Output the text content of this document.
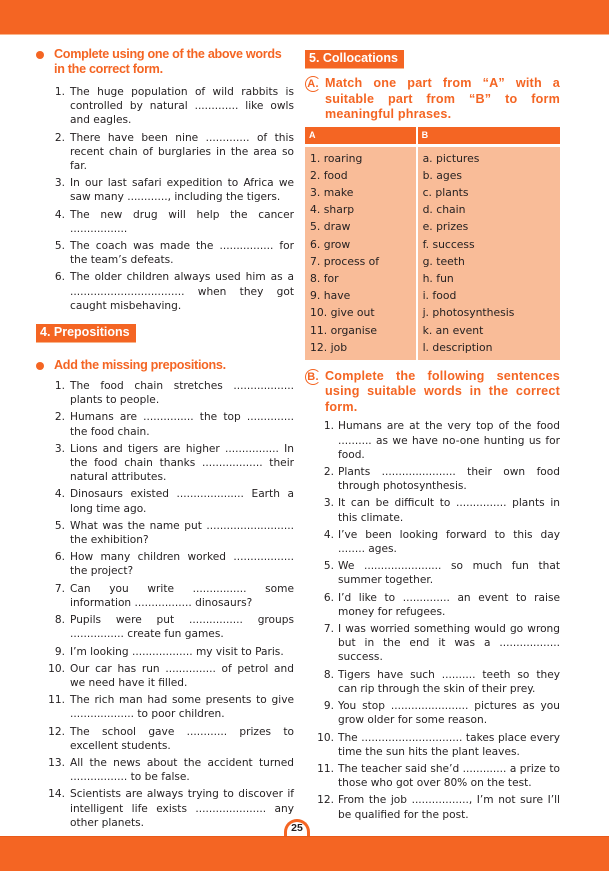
Complete using one of the above words in the correct form.
1. The huge population of wild rabbits is controlled by natural ............. like owls and eagles.
2. There have been nine ............. of this recent chain of burglaries in the area so far.
3. In our last safari expedition to Africa we saw many ............, including the tigers.
4. The new drug will help the cancer .................
5. The coach was made the ................ for the team’s defeats.
6. The older children always used him as a .................................. when they got caught misbehaving.
4. Prepositions
Add the missing prepositions.
1. The food chain stretches .................. plants to people.
2. Humans are ............... the top .............. the food chain.
3. Lions and tigers are higher ................ In the food chain thanks .................. their natural attributes.
4. Dinosaurs existed .................... Earth a long time ago.
5. What was the name put .......................... the exhibition?
6. How many children worked .................. the project?
7. Can you write ................ some information ................. dinosaurs?
8. Pupils were put ................ groups ................ create fun games.
9. I’m looking .................. my visit to Paris.
10. Our car has run ............... of petrol and we need have it filled.
11. The rich man had some presents to give ................... to poor children.
12. The school gave ............ prizes to excellent students.
13. All the news about the accident turned ................. to be false.
14. Scientists are always trying to discover if intelligent life exists ..................... any other planets.
5. Collocations
A. Match one part from “A” with a suitable part from “B” to form meaningful phrases.
A	B
1. roaring	a. pictures
2. food	b. ages
3. make	c. plants
4. sharp	d. chain
5. draw	e. prizes
6. grow	f. success
7. process of	g. teeth
8. for	h. fun
9. have	i. food
10. give out	j. photosynthesis
11. organise	k. an event
12. job	l. description
B. Complete the following sentences using suitable words in the correct form.
1. Humans are at the very top of the food .......... as we have no-one hunting us for food.
2. Plants ...................... their own food through photosynthesis.
3. It can be difficult to ............... plants in this climate.
4. I’ve been looking forward to this day ........ ages.
5. We ....................... so much fun that summer together.
6. I’d like to .............. an event to raise money for refugees.
7. I was worried something would go wrong but in the end it was a .................. success.
8. Tigers have such .......... teeth so they can rip through the skin of their prey.
9. You stop ....................... pictures as you grow older for some reason.
10. The .............................. takes place every time the sun hits the plant leaves.
11. The teacher said she’d ............. a prize to those who got over 80% on the test.
12. From the job ................., I’m not sure I’ll be qualified for the post.
25
